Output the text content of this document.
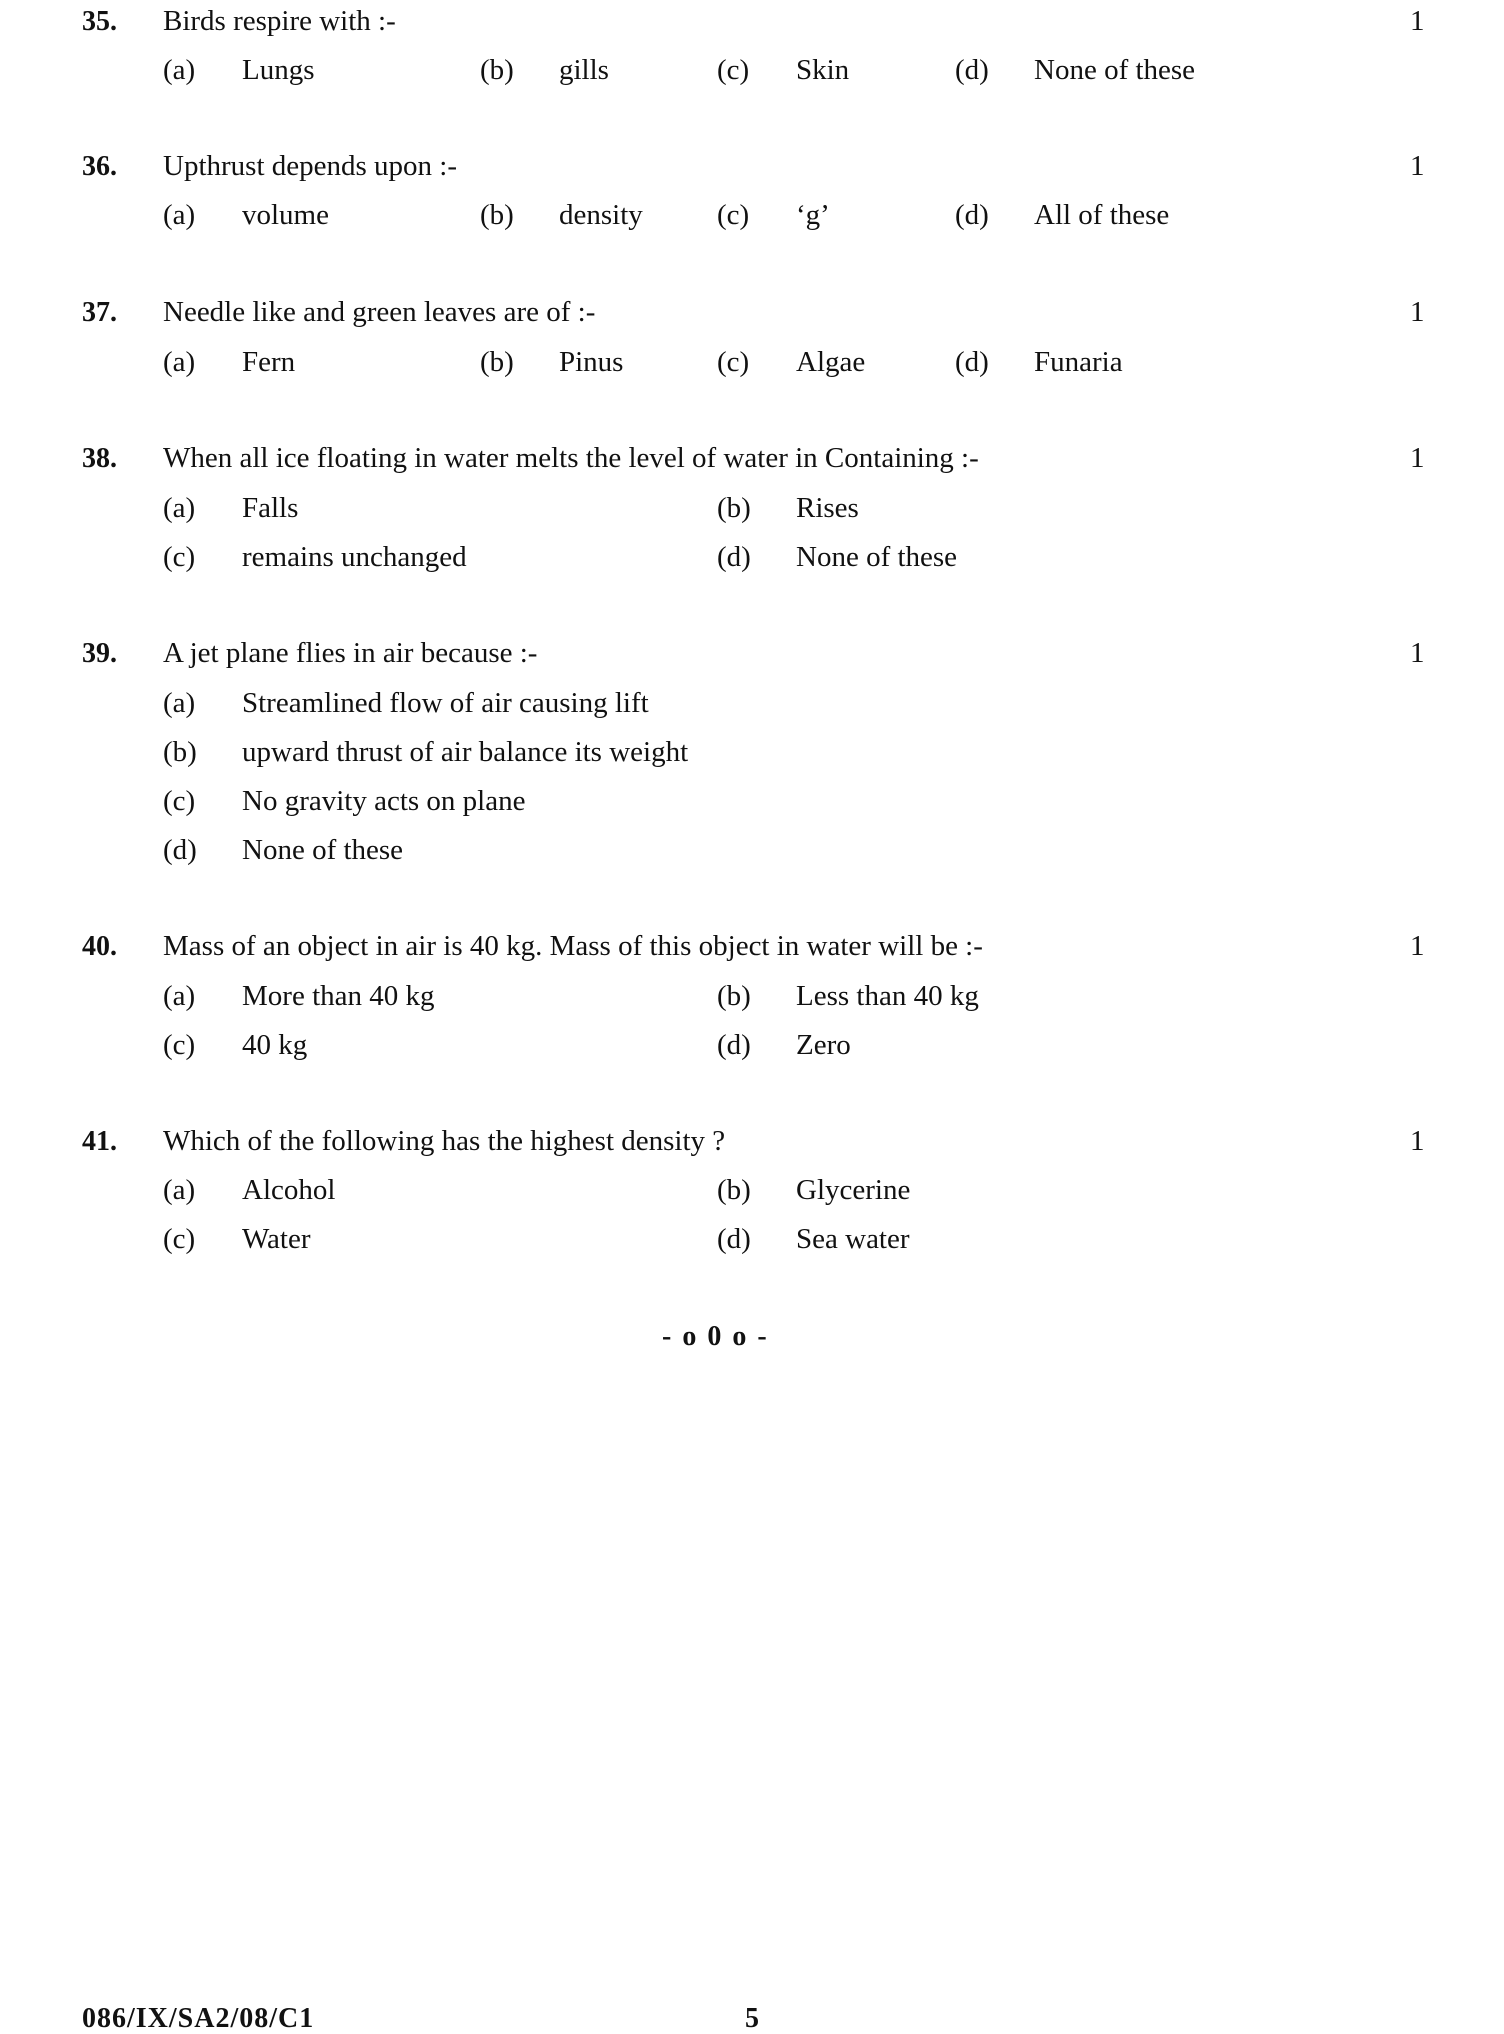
35. Birds respire with :-	1
(a) Lungs	(b) gills	(c) Skin	(d) None of these
36. Upthrust depends upon :-	1
(a) volume	(b) density	(c) ‘g’	(d) All of these
37. Needle like and green leaves are of :-	1
(a) Fern	(b) Pinus	(c) Algae	(d) Funaria
38. When all ice floating in water melts the level of water in Containing :-	1
(a) Falls	(b) Rises
(c) remains unchanged	(d) None of these
39. A jet plane flies in air because :-	1
(a) Streamlined flow of air causing lift
(b) upward thrust of air balance its weight
(c) No gravity acts on plane
(d) None of these
40. Mass of an object in air is 40 kg. Mass of this object in water will be :-	1
(a) More than 40 kg	(b) Less than 40 kg
(c) 40 kg	(d) Zero
41. Which of the following has the highest density ?	1
(a) Alcohol	(b) Glycerine
(c) Water	(d) Sea water
- o 0 o -
086/IX/SA2/08/C1	5
